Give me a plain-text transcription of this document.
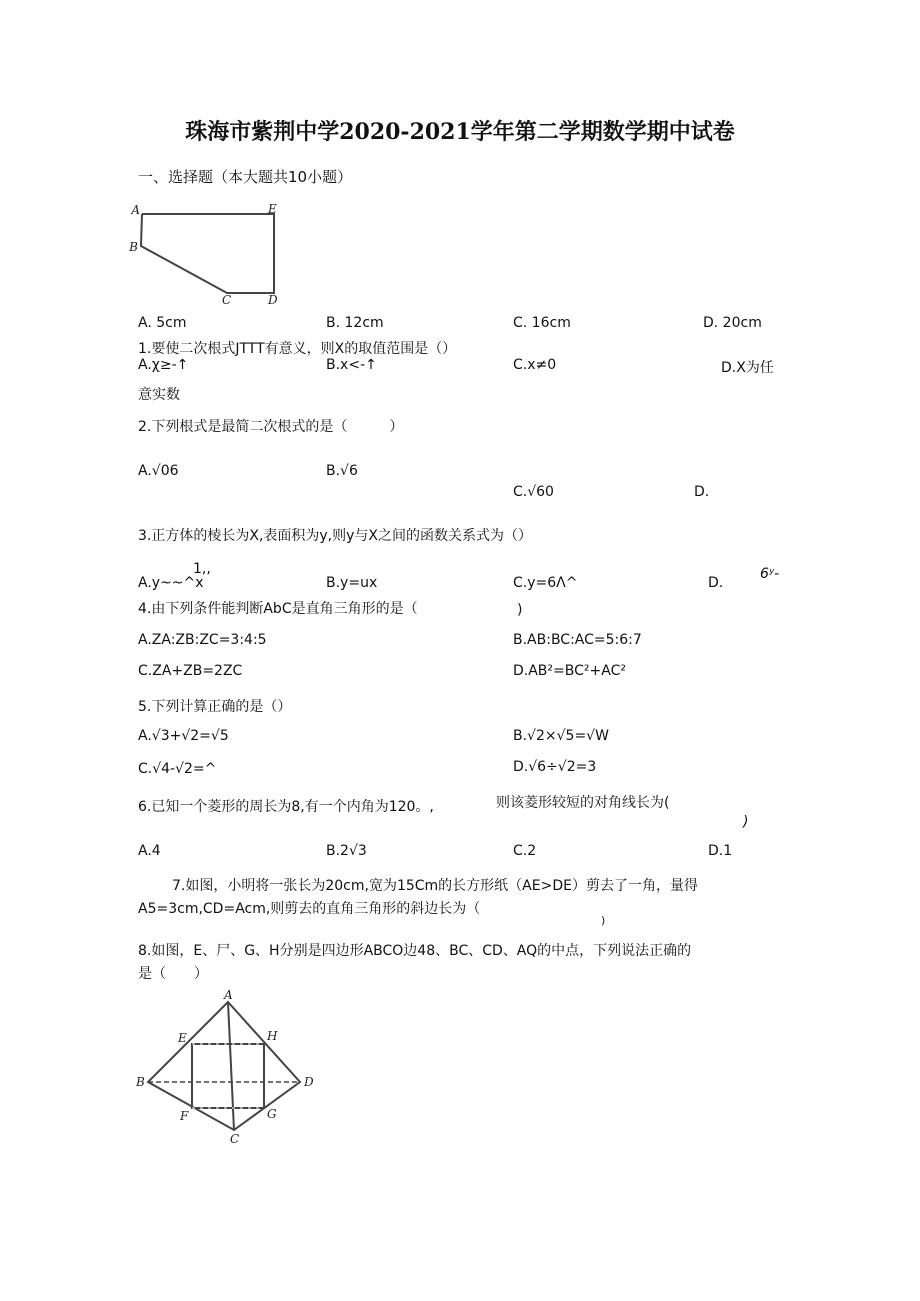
珠海市紫荆中学2020-2021学年第二学期数学期中试卷
一、选择题（本大题共10小题）
A	E
B
C	D
A. 5cm	B. 12cm	C. 16cm	D. 20cm
1.要使二次根式JTTT有意义，则X的取值范围是（）
A.χ≥-↑	B.x<-↑	C.x≠0	D.X为任
意实数
2.下列根式是最简二次根式的是（　　　）
A.√06	B.√6
C.√60	D.
3.正方体的棱长为X,表面积为y,则y与X之间的函数关系式为（）
1,,
A.y~~^x	B.y=ux	C.y=6Λ^	D.
6ʸ-
4.由下列条件能判断AbC是直角三角形的是（	)
A.ZA:ZB:ZC=3:4:5	B.AB:BC:AC=5:6:7
C.ZA+ZB=2ZC	D.AB²=BC²+AC²
5.下列计算正确的是（）
A.√3+√2=√5	B.√2×√5=√W
C.√4-√2=^	D.√6÷√2=3
6.已知一个菱形的周长为8,有一个内角为120。,	则该菱形较短的对角线长为(
)
A.4	B.2√3	C.2	D.1
7.如图，小明将一张长为20cm,宽为15Cm的长方形纸（AE>DE）剪去了一角，量得
A5=3cm,CD=Acm,则剪去的直角三角形的斜边长为（
)
8.如图，E、尸、G、H分别是四边形ABCO边48、BC、CD、AQ的中点，下列说法正确的
是（　　）
A
E	H
B	D
F	G
C
